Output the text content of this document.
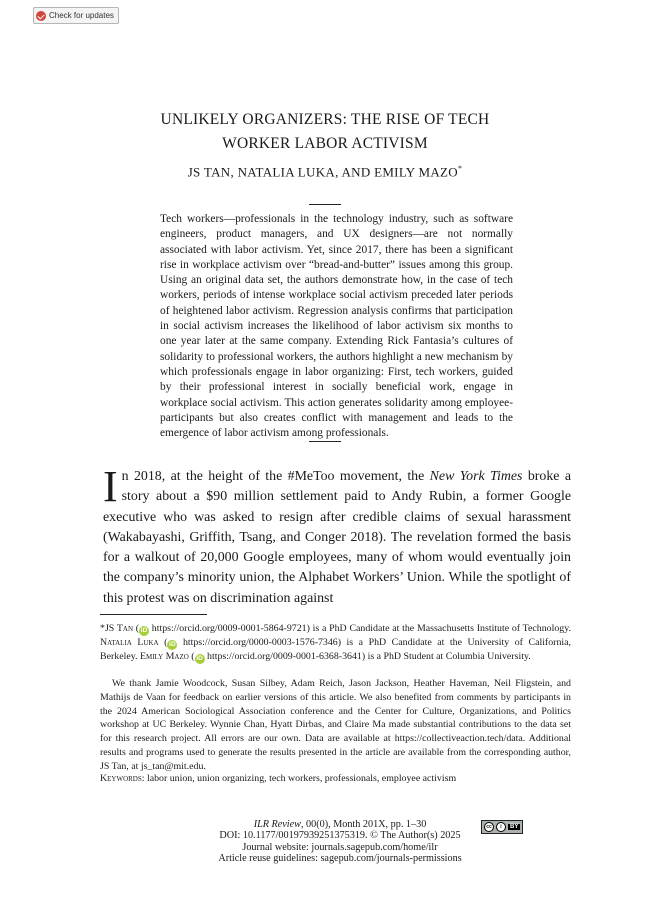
Check for updates
UNLIKELY ORGANIZERS: THE RISE OF TECH
WORKER LABOR ACTIVISM
JS TAN, NATALIA LUKA, AND EMILY MAZO*
Tech workers—professionals in the technology industry, such as software engineers, product managers, and UX designers—are not normally associated with labor activism. Yet, since 2017, there has been a significant rise in workplace activism over “bread-and-butter” issues among this group. Using an original data set, the authors demonstrate how, in the case of tech workers, periods of intense workplace social activism preceded later periods of heightened labor activism. Regression analysis confirms that participation in social activism increases the likelihood of labor activism six months to one year later at the same company. Extending Rick Fantasia’s cultures of solidarity to professional workers, the authors highlight a new mechanism by which professionals engage in labor organizing: First, tech workers, guided by their professional interest in socially beneficial work, engage in workplace social activism. This action generates solidarity among employee-participants but also creates conflict with management and leads to the emergence of labor activism among professionals.
In 2018, at the height of the #MeToo movement, the New York Times broke a story about a $90 million settlement paid to Andy Rubin, a former Google executive who was asked to resign after credible claims of sexual harassment (Wakabayashi, Griffith, Tsang, and Conger 2018). The revelation formed the basis for a walkout of 20,000 Google employees, many of whom would eventually join the company’s minority union, the Alphabet Workers’ Union. While the spotlight of this protest was on discrimination against
*JS Tan ( iD https://orcid.org/0009-0001-5864-9721) is a PhD Candidate at the Massachusetts Institute of Technology. Natalia Luka ( iD https://orcid.org/0000-0003-1576-7346) is a PhD Candidate at the University of California, Berkeley. Emily Mazo ( iD https://orcid.org/0009-0001-6368-3641) is a PhD Student at Columbia University.
We thank Jamie Woodcock, Susan Silbey, Adam Reich, Jason Jackson, Heather Haveman, Neil Fligstein, and Mathijs de Vaan for feedback on earlier versions of this article. We also benefited from comments by participants in the 2024 American Sociological Association conference and the Center for Culture, Organizations, and Politics workshop at UC Berkeley. Wynnie Chan, Hyatt Dirbas, and Claire Ma made substantial contributions to the data set for this research project. All errors are our own. Data are available at https://collectiveaction.tech/data. Additional results and programs used to generate the results presented in the article are available from the corresponding author, JS Tan, at js_tan@mit.edu.
Keywords: labor union, union organizing, tech workers, professionals, employee activism
ILR Review, 00(0), Month 201X, pp. 1–30
DOI: 10.1177/00197939251375319. © The Author(s) 2025
Journal website: journals.sagepub.com/home/ilr
Article reuse guidelines: sagepub.com/journals-permissions
cc	i	BY
